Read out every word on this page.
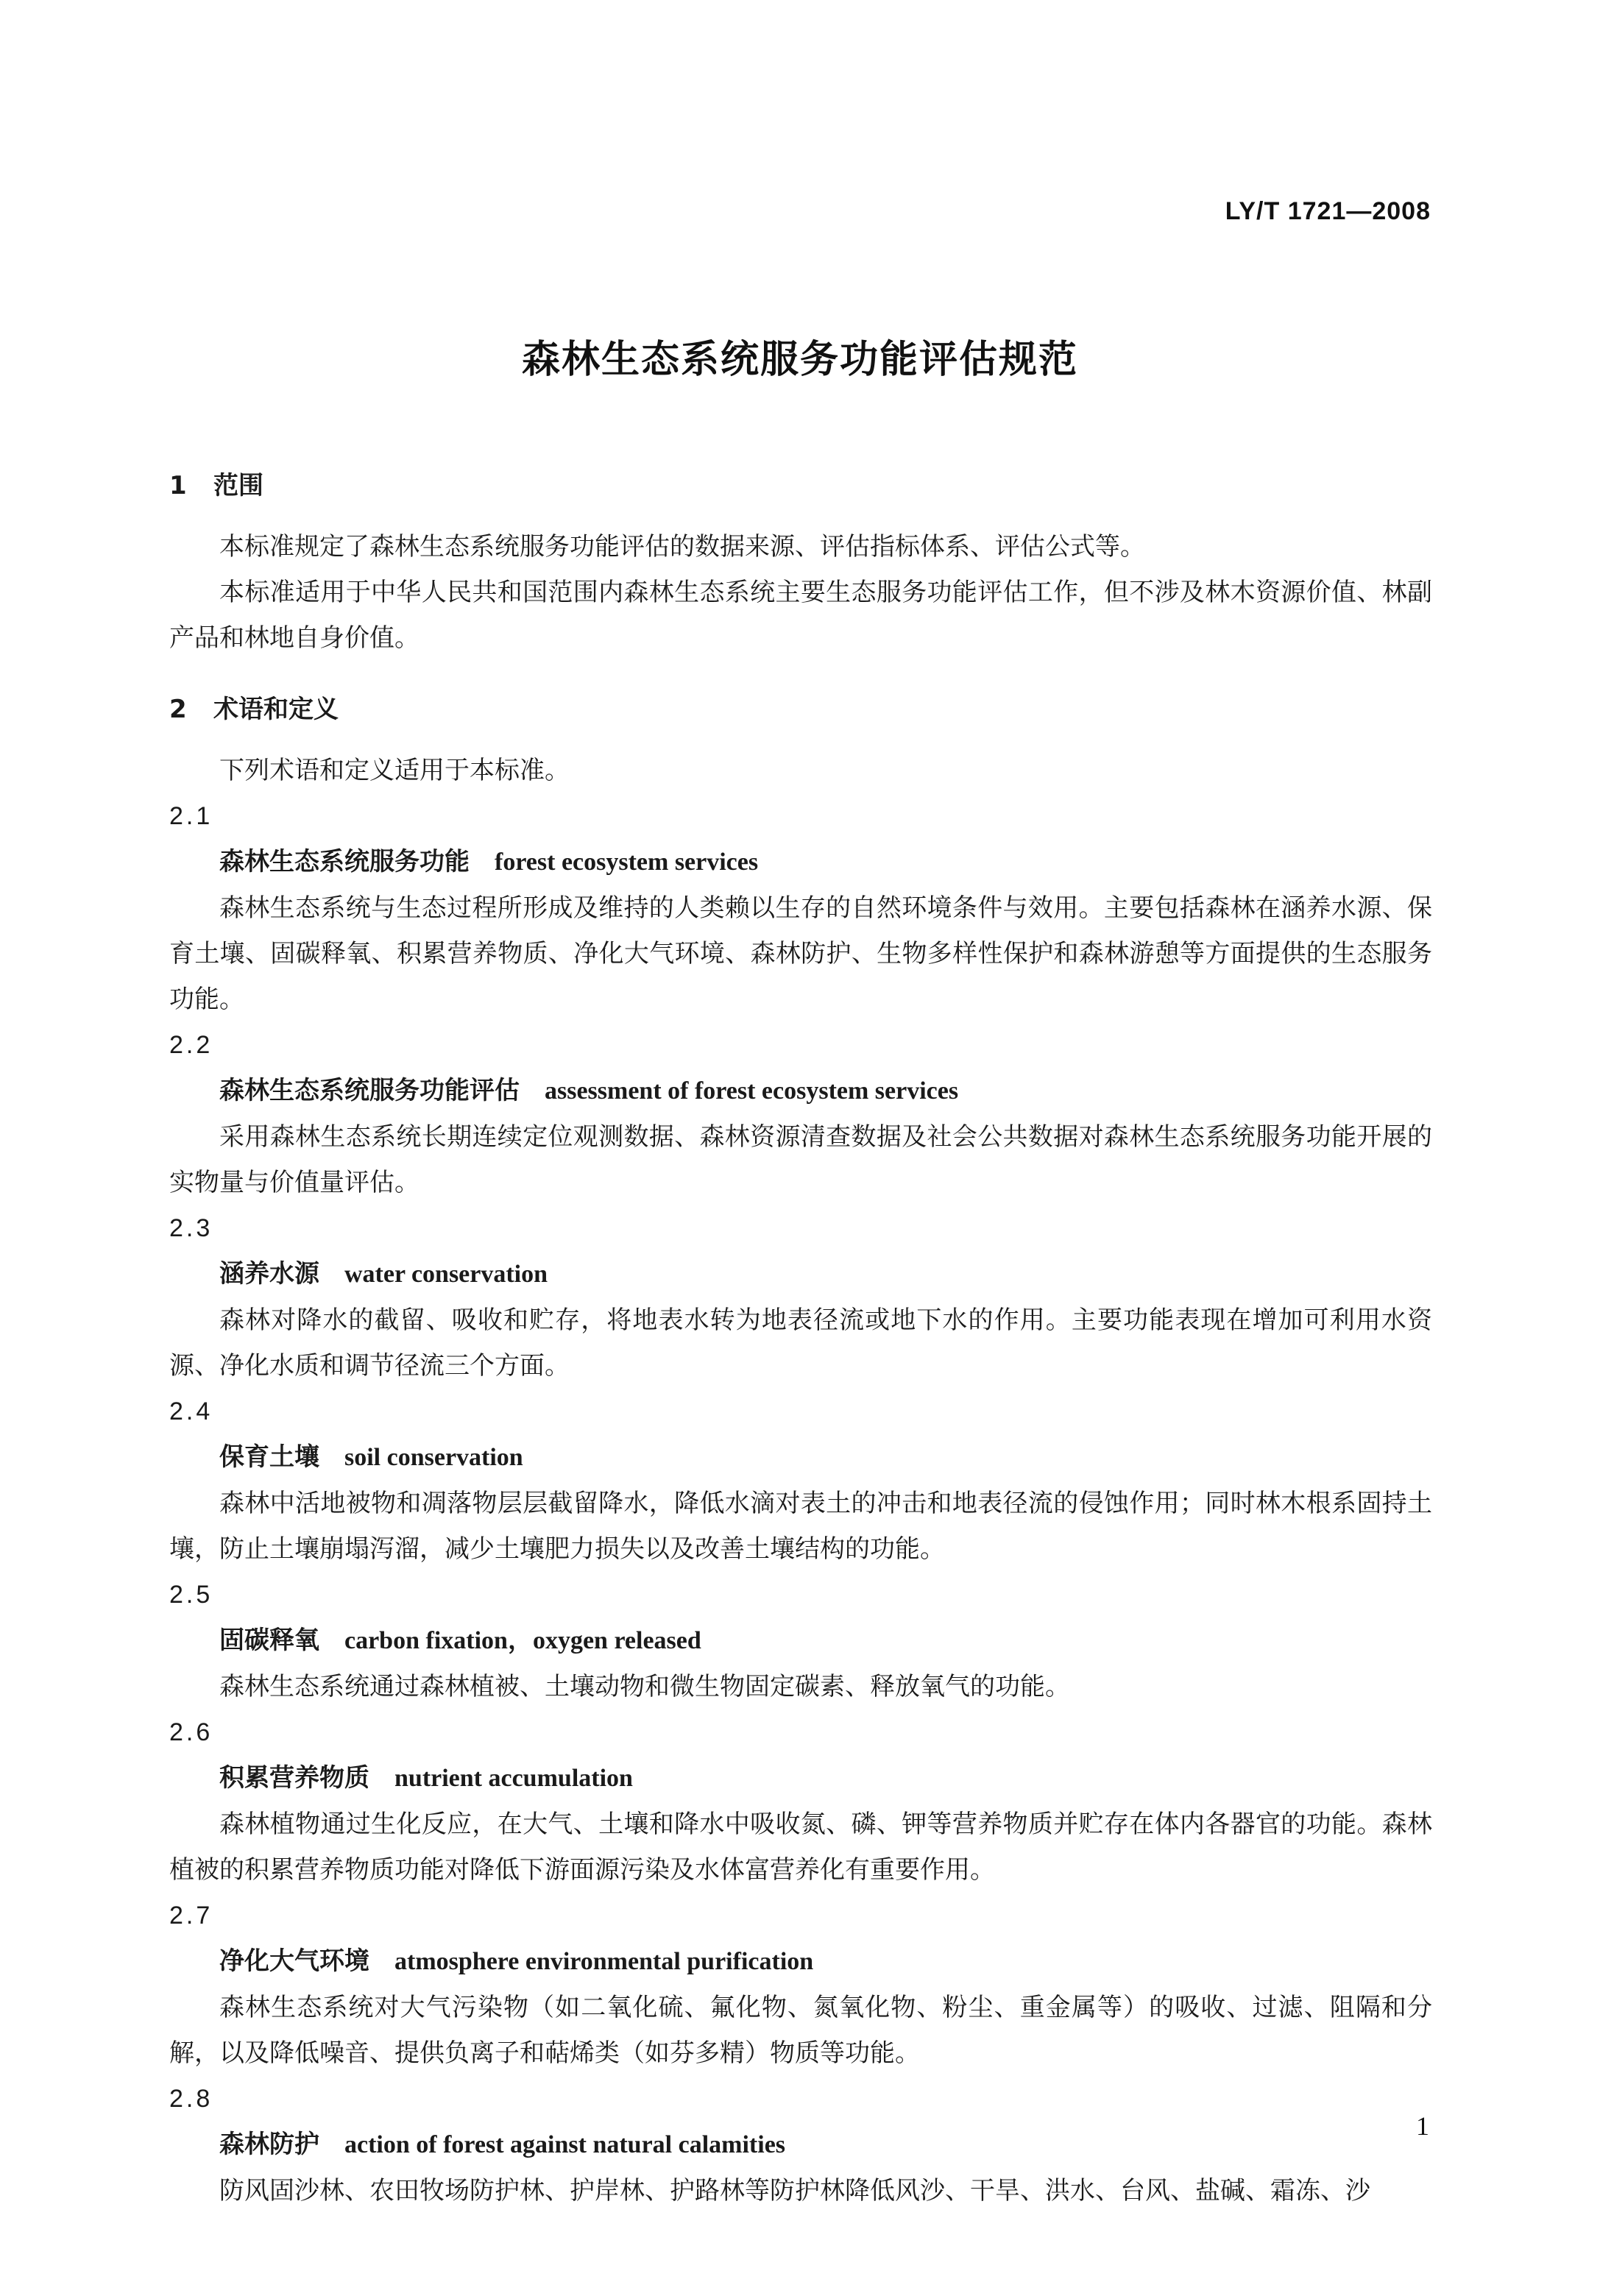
LY/T 1721—2008
森林生态系统服务功能评估规范
1 范围

本标准规定了森林生态系统服务功能评估的数据来源、评估指标体系、评估公式等。

本标准适用于中华人民共和国范围内森林生态系统主要生态服务功能评估工作，但不涉及林木资源价值、林副产品和林地自身价值。

2 术语和定义

下列术语和定义适用于本标准。

2.1

森林生态系统服务功能 forest ecosystem services

森林生态系统与生态过程所形成及维持的人类赖以生存的自然环境条件与效用。主要包括森林在涵养水源、保育土壤、固碳释氧、积累营养物质、净化大气环境、森林防护、生物多样性保护和森林游憩等方面提供的生态服务功能。

2.2

森林生态系统服务功能评估 assessment of forest ecosystem services

采用森林生态系统长期连续定位观测数据、森林资源清查数据及社会公共数据对森林生态系统服务功能开展的实物量与价值量评估。

2.3

涵养水源 water conservation

森林对降水的截留、吸收和贮存，将地表水转为地表径流或地下水的作用。主要功能表现在增加可利用水资源、净化水质和调节径流三个方面。

2.4

保育土壤 soil conservation

森林中活地被物和凋落物层层截留降水，降低水滴对表土的冲击和地表径流的侵蚀作用；同时林木根系固持土壤，防止土壤崩塌泻溜，减少土壤肥力损失以及改善土壤结构的功能。

2.5

固碳释氧 carbon fixation，oxygen released

森林生态系统通过森林植被、土壤动物和微生物固定碳素、释放氧气的功能。

2.6

积累营养物质 nutrient accumulation

森林植物通过生化反应，在大气、土壤和降水中吸收氮、磷、钾等营养物质并贮存在体内各器官的功能。森林植被的积累营养物质功能对降低下游面源污染及水体富营养化有重要作用。

2.7

净化大气环境 atmosphere environmental purification

森林生态系统对大气污染物（如二氧化硫、氟化物、氮氧化物、粉尘、重金属等）的吸收、过滤、阻隔和分解，以及降低噪音、提供负离子和萜烯类（如芬多精）物质等功能。

2.8

森林防护 action of forest against natural calamities

防风固沙林、农田牧场防护林、护岸林、护路林等防护林降低风沙、干旱、洪水、台风、盐碱、霜冻、沙

1
